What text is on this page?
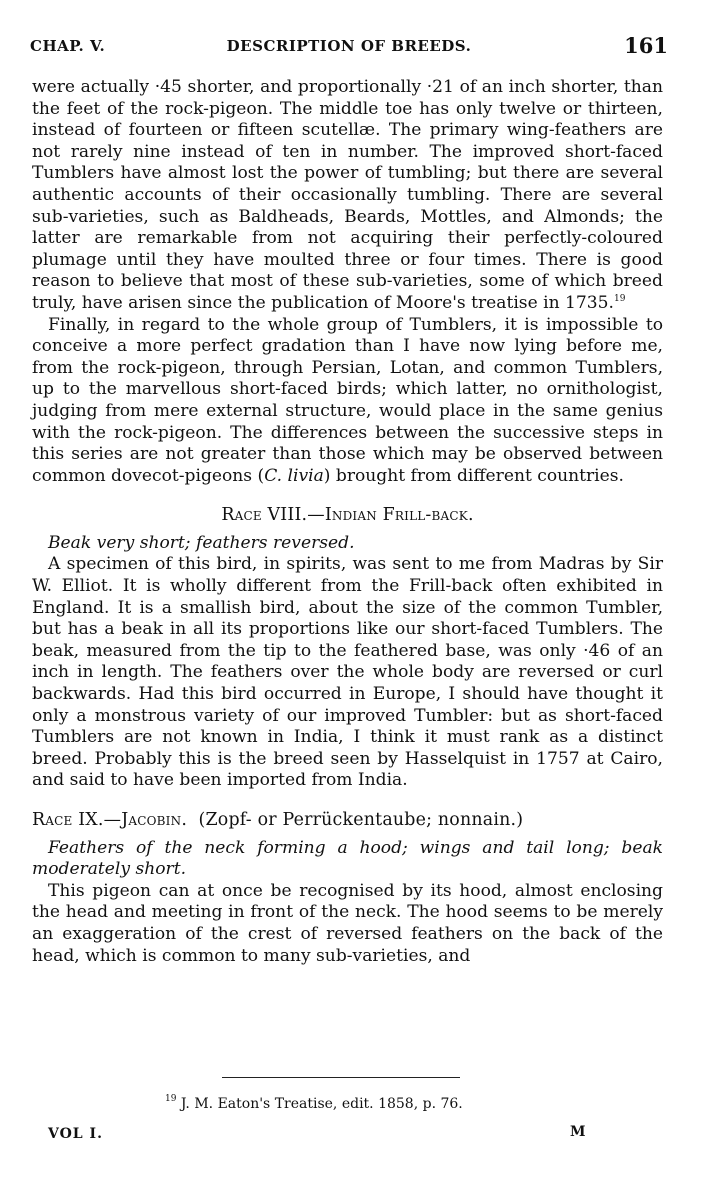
CHAP. V.	DESCRIPTION OF BREEDS.	161

were actually ·45 shorter, and proportionally ·21 of an inch shorter, than the feet of the rock-pigeon. The middle toe has only twelve or thirteen, instead of fourteen or fifteen scutellæ. The primary wing-feathers are not rarely nine instead of ten in number. The improved short-faced Tumblers have almost lost the power of tumbling; but there are several authentic accounts of their occasionally tumbling. There are several sub-varieties, such as Baldheads, Beards, Mottles, and Almonds; the latter are remarkable from not acquiring their perfectly-coloured plumage until they have moulted three or four times. There is good reason to believe that most of these sub-varieties, some of which breed truly, have arisen since the publication of Moore's treatise in 1735.19

Finally, in regard to the whole group of Tumblers, it is impossible to conceive a more perfect gradation than I have now lying before me, from the rock-pigeon, through Persian, Lotan, and common Tumblers, up to the marvellous short-faced birds; which latter, no ornithologist, judging from mere external structure, would place in the same genius with the rock-pigeon. The differences between the successive steps in this series are not greater than those which may be observed between common dovecot-pigeons (C. livia) brought from different countries.

Race VIII.—Indian Frill-back.

Beak very short; feathers reversed.

A specimen of this bird, in spirits, was sent to me from Madras by Sir W. Elliot. It is wholly different from the Frill-back often exhibited in England. It is a smallish bird, about the size of the common Tumbler, but has a beak in all its proportions like our short-faced Tumblers. The beak, measured from the tip to the feathered base, was only ·46 of an inch in length. The feathers over the whole body are reversed or curl backwards. Had this bird occurred in Europe, I should have thought it only a monstrous variety of our improved Tumbler: but as short-faced Tumblers are not known in India, I think it must rank as a distinct breed. Probably this is the breed seen by Hasselquist in 1757 at Cairo, and said to have been imported from India.

Race IX.—Jacobin. (Zopf- or Perrückentaube; nonnain.)

Feathers of the neck forming a hood; wings and tail long; beak moderately short.

This pigeon can at once be recognised by its hood, almost enclosing the head and meeting in front of the neck. The hood seems to be merely an exaggeration of the crest of reversed feathers on the back of the head, which is common to many sub-varieties, and

$^{19}$ J. M. Eaton's Treatise, edit. 1858, p. 76.
VOL I.	M
